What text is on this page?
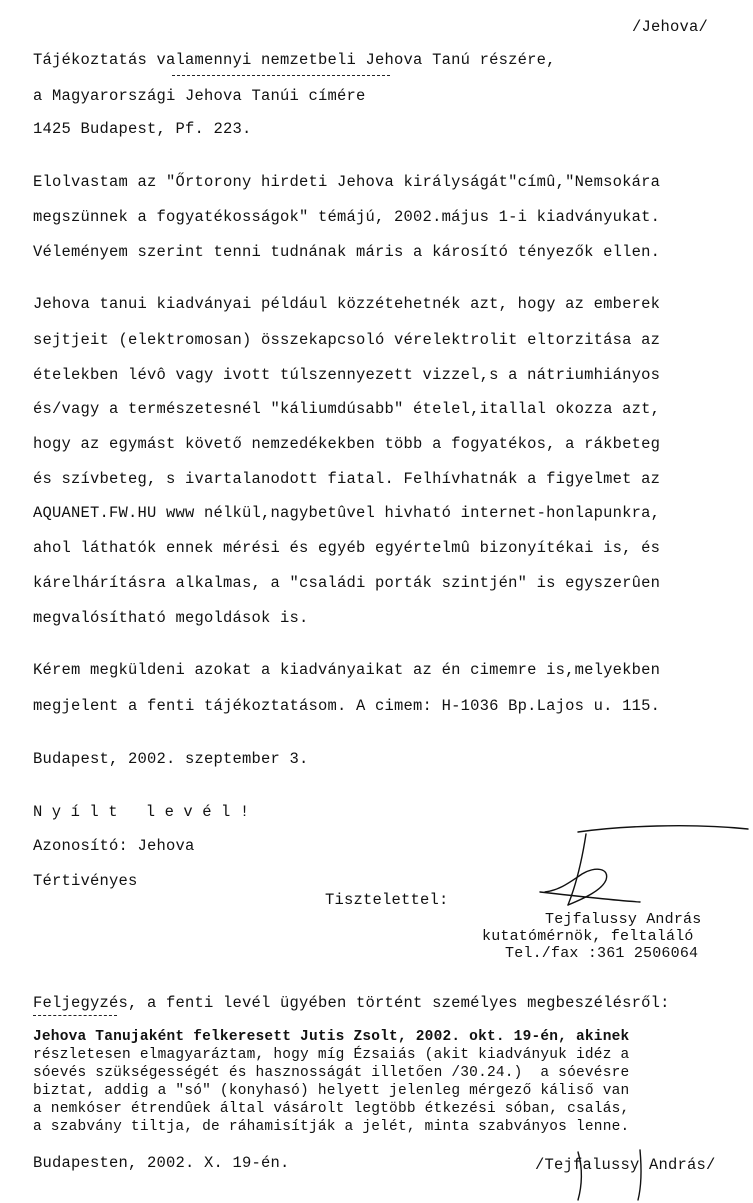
/Jehova/
Tájékoztatás valamennyi nemzetbeli Jehova Tanú részére,
a Magyarországi Jehova Tanúi címére
1425 Budapest, Pf. 223.
Elolvastam az "Őrtorony hirdeti Jehova királyságát"címû,"Nemsokára
megszünnek a fogyatékosságok" témájú, 2002.május 1-i kiadványukat.
Véleményem szerint tenni tudnának máris a károsító tényezők ellen.
Jehova tanui kiadványai például közzétehetnék azt, hogy az emberek
sejtjeit (elektromosan) összekapcsoló vérelektrolit eltorzitása az
ételekben lévô vagy ivott túlszennyezett vizzel,s a nátriumhiányos
és/vagy a természetesnél "káliumdúsabb" ételel,itallal okozza azt,
hogy az egymást követő nemzedékekben több a fogyatékos, a rákbeteg
és szívbeteg, s ivartalanodott fiatal. Felhívhatnák a figyelmet az
AQUANET.FW.HU www nélkül,nagybetûvel hivható internet-honlapunkra,
ahol láthatók ennek mérési és egyéb egyértelmû bizonyítékai is, és
kárelhárításra alkalmas, a "családi porták szintjén" is egyszerûen
megvalósítható megoldások is.
Kérem megküldeni azokat a kiadványaikat az én cimemre is,melyekben
megjelent a fenti tájékoztatásom. A cimem: H-1036 Bp.Lajos u. 115.
Budapest, 2002. szeptember 3.
Nyílt levél!
Azonosító: Jehova
Tértivényes
Tisztelettel:
Tejfalussy András
kutatómérnök, feltaláló
Tel./fax :361 2506064
Feljegyzés, a fenti levél ügyében történt személyes megbeszélésről:
Jehova Tanujaként felkeresett Jutis Zsolt, 2002. okt. 19-én, akinek
részletesen elmagyaráztam, hogy míg Ézsaiás (akit kiadványuk idéz a
sóevés szükségességét és hasznosságát illetően /30.24.)  a sóevésre
biztat, addig a "só" (konyhasó) helyett jelenleg mérgező káliső van
a nemkóser étrendûek által vásárolt legtöbb étkezési sóban, csalás,
a szabvány tiltja, de ráhamisítják a jelét, minta szabványos lenne.
Budapesten, 2002. X. 19-én.	/Tejfalussy András/
